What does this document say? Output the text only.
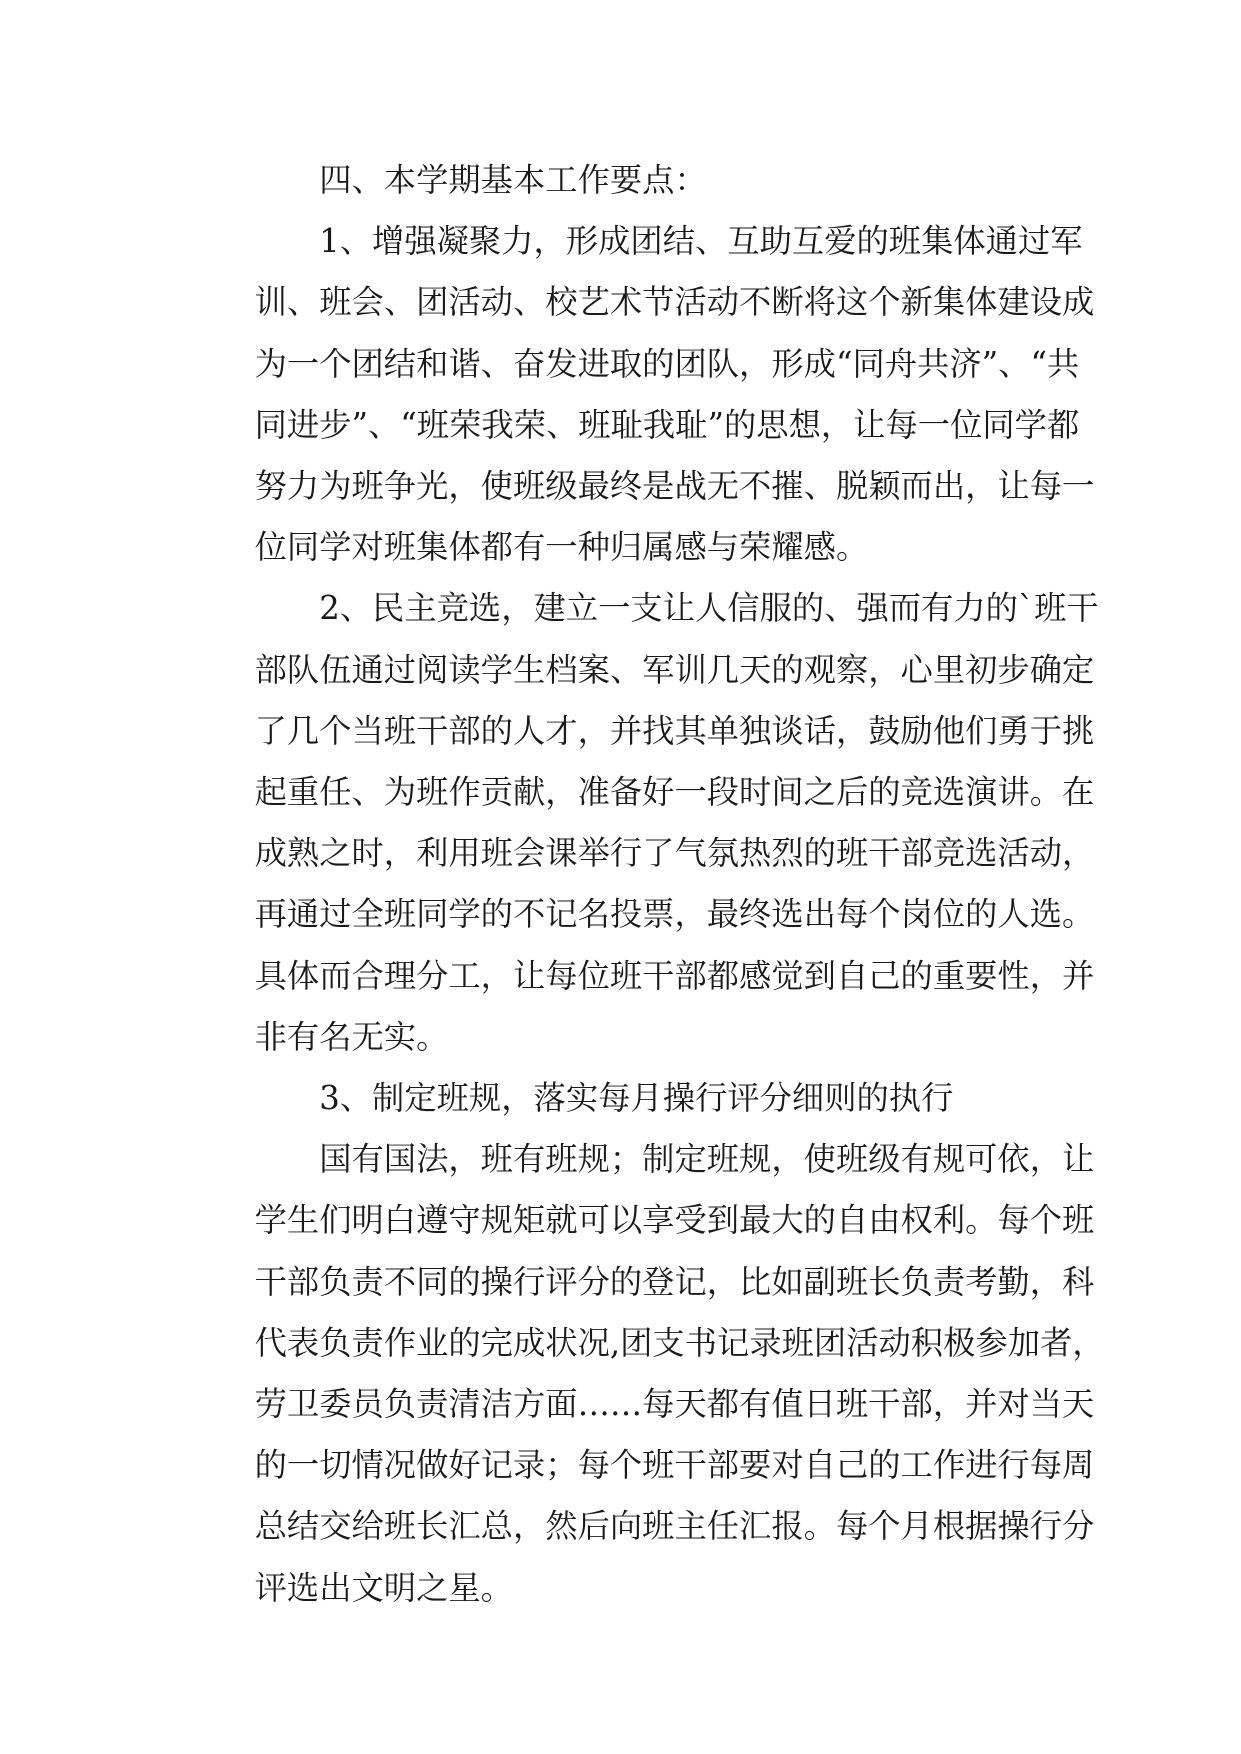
四、本学期基本工作要点：
1、增强凝聚力，形成团结、互助互爱的班集体通过军
训、班会、团活动、校艺术节活动不断将这个新集体建设成
为一个团结和谐、奋发进取的团队，形成“同舟共济”、“共
同进步”、“班荣我荣、班耻我耻”的思想，让每一位同学都
努力为班争光，使班级最终是战无不摧、脱颖而出，让每一
位同学对班集体都有一种归属感与荣耀感。
2、民主竞选，建立一支让人信服的、强而有力的`班干
部队伍通过阅读学生档案、军训几天的观察，心里初步确定
了几个当班干部的人才，并找其单独谈话，鼓励他们勇于挑
起重任、为班作贡献，准备好一段时间之后的竞选演讲。在
成熟之时，利用班会课举行了气氛热烈的班干部竞选活动，
再通过全班同学的不记名投票，最终选出每个岗位的人选。
具体而合理分工，让每位班干部都感觉到自己的重要性，并
非有名无实。
3、制定班规，落实每月操行评分细则的执行
国有国法，班有班规；制定班规，使班级有规可依，让
学生们明白遵守规矩就可以享受到最大的自由权利。每个班
干部负责不同的操行评分的登记，比如副班长负责考勤，科
代表负责作业的完成状况,团支书记录班团活动积极参加者，
劳卫委员负责清洁方面……每天都有值日班干部，并对当天
的一切情况做好记录；每个班干部要对自己的工作进行每周
总结交给班长汇总，然后向班主任汇报。每个月根据操行分
评选出文明之星。
